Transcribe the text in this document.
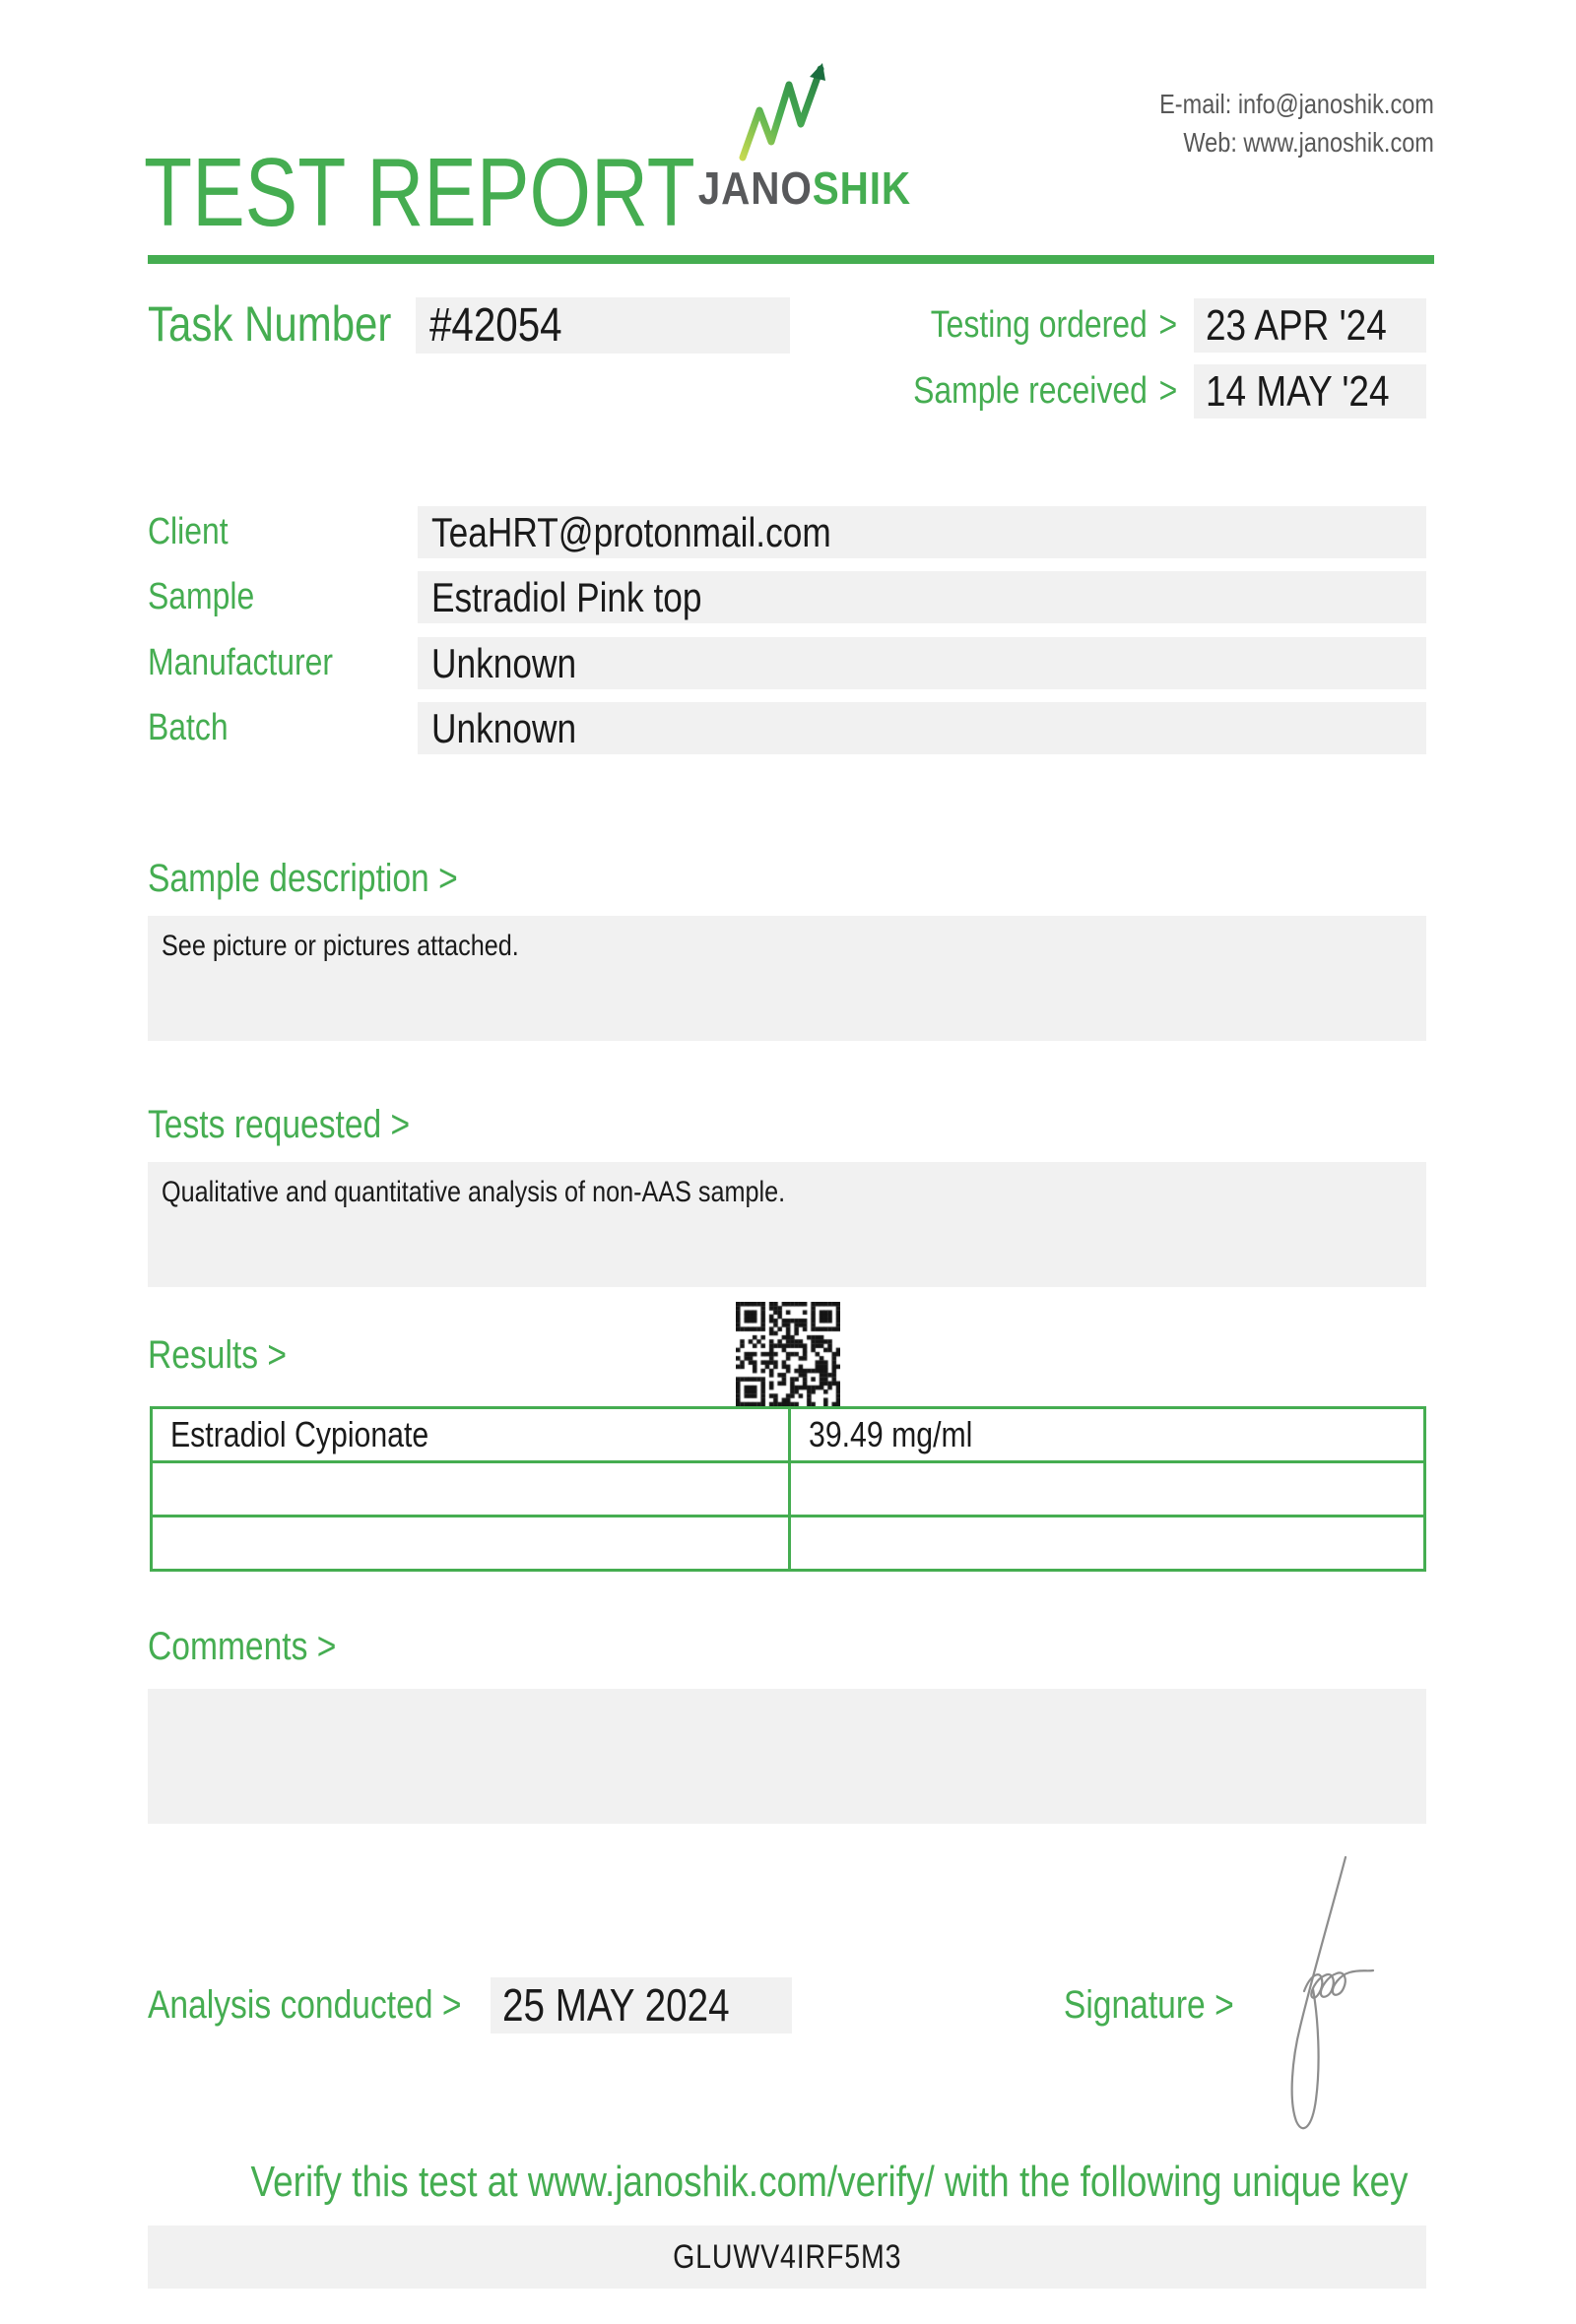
TEST REPORT JANOSHIK
E-mail: info@janoshik.com
Web: www.janoshik.com
Task Number #42054	Testing ordered > 23 APR '24
Sample received > 14 MAY '24
Client	TeaHRT@protonmail.com
Sample	Estradiol Pink top
Manufacturer	Unknown
Batch	Unknown
Sample description >
See picture or pictures attached.
Tests requested >
Qualitative and quantitative analysis of non-AAS sample.
Results >
Estradiol Cypionate	39.49 mg/ml

Comments >
Analysis conducted > 25 MAY 2024	Signature >
Verify this test at www.janoshik.com/verify/ with the following unique key
GLUWV4IRF5M3
